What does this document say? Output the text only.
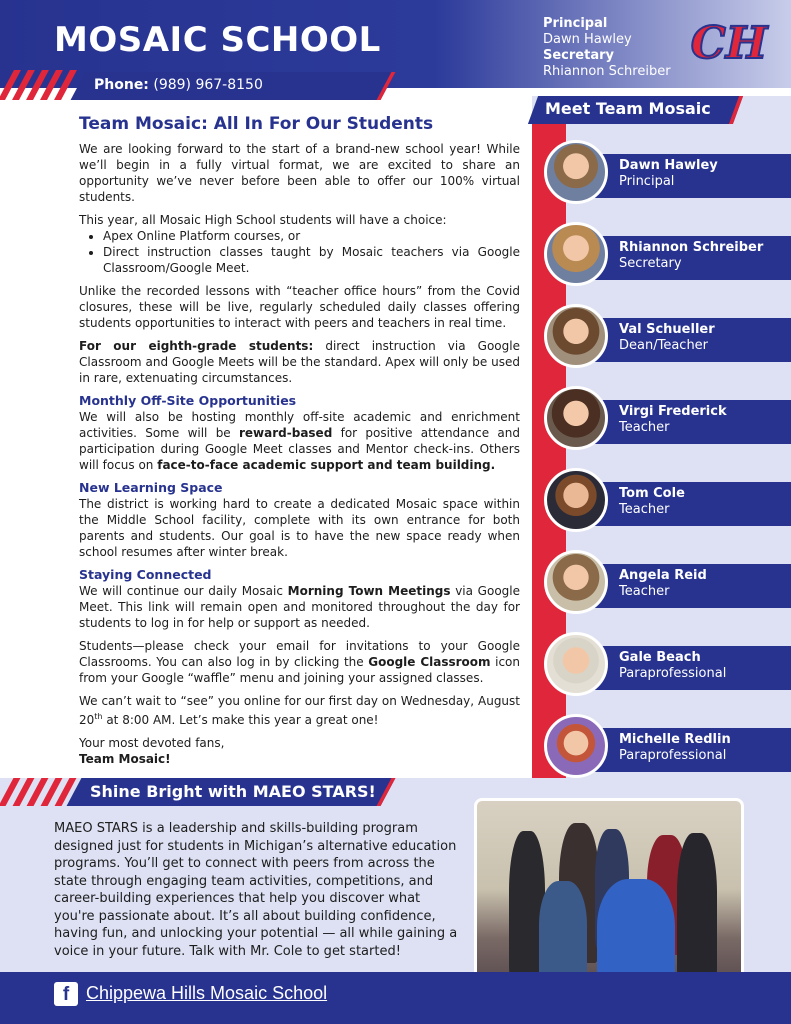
MOSAIC SCHOOL
Phone: (989) 967-8150
Principal
Dawn Hawley
Secretary
Rhiannon Schreiber
CH
Meet Team Mosaic
Dawn Hawley
Principal
Rhiannon Schreiber
Secretary
Val Schueller
Dean/Teacher
Virgi Frederick
Teacher
Tom Cole
Teacher
Angela Reid
Teacher
Gale Beach
Paraprofessional
Michelle Redlin
Paraprofessional
Team Mosaic: All In For Our Students

We are looking forward to the start of a brand-new school year! While we’ll begin in a fully virtual format, we are excited to share an opportunity we’ve never before been able to offer our 100% virtual students.

This year, all Mosaic High School students will have a choice:

• Apex Online Platform courses, or
• Direct instruction classes taught by Mosaic teachers via Google Classroom/Google Meet.

Unlike the recorded lessons with “teacher office hours” from the Covid closures, these will be live, regularly scheduled daily classes offering students opportunities to interact with peers and teachers in real time.

For our eighth-grade students: direct instruction via Google Classroom and Google Meets will be the standard. Apex will only be used in rare, extenuating circumstances.

Monthly Off-Site Opportunities

We will also be hosting monthly off-site academic and enrichment activities. Some will be reward-based for positive attendance and participation during Google Meet classes and Mentor check-ins. Others will focus on face-to-face academic support and team building.

New Learning Space

The district is working hard to create a dedicated Mosaic space within the Middle School facility, complete with its own entrance for both parents and students. Our goal is to have the new space ready when school resumes after winter break.

Staying Connected

We will continue our daily Mosaic Morning Town Meetings via Google Meet. This link will remain open and monitored throughout the day for students to log in for help or support as needed.

Students—please check your email for invitations to your Google Classrooms. You can also log in by clicking the Google Classroom icon from your Google “waffle” menu and joining your assigned classes.

We can’t wait to “see” you online for our first day on Wednesday, August 20th at 8:00 AM. Let’s make this year a great one!

Your most devoted fans,

Team Mosaic!

Shine Bright with MAEO STARS!
MAEO STARS is a leadership and skills-building program designed just for students in Michigan’s alternative education programs. You’ll get to connect with peers from across the state through engaging team activities, competitions, and career-building experiences that help you discover what you're passionate about. It’s all about building confidence, having fun, and unlocking your potential — all while gaining a voice in your future. Talk with Mr. Cole to get started!
f Chippewa Hills Mosaic School
